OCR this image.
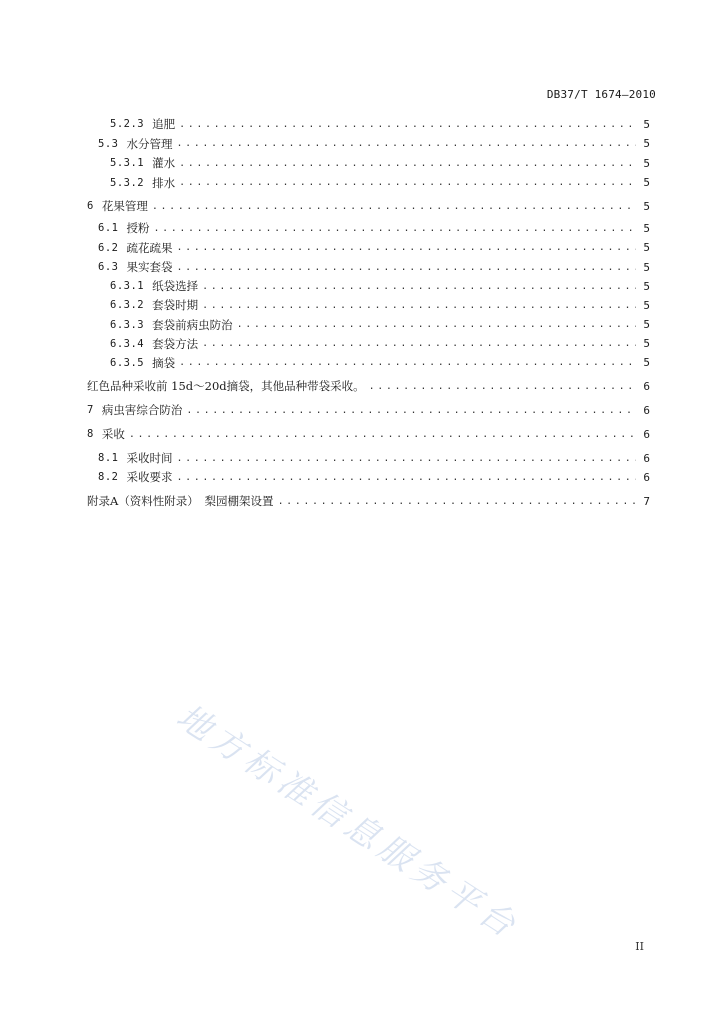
DB37/T 1674—2010
5.2.3 追肥 .....	5
5.3 水分管理 .....	5
5.3.1 灌水 .....	5
5.3.2 排水 .....	5
6 花果管理 .....	5
6.1 授粉 .....	5
6.2 疏花疏果 .....	5
6.3 果实套袋 .....	5
6.3.1 纸袋选择 .....	5
6.3.2 套袋时期 .....	5
6.3.3 套袋前病虫防治 .....	5
6.3.4 套袋方法 .....	5
6.3.5 摘袋 .....	5
红色品种采收前 15d～20d摘袋，其他品种带袋采收。 .....	6
7 病虫害综合防治 .....	6
8 采收 .....	6
8.1 采收时间 .....	6
8.2 采收要求 .....	6
附录A （资料性附录）　梨园棚架设置 .....	7
地方标准信息服务平台	II
